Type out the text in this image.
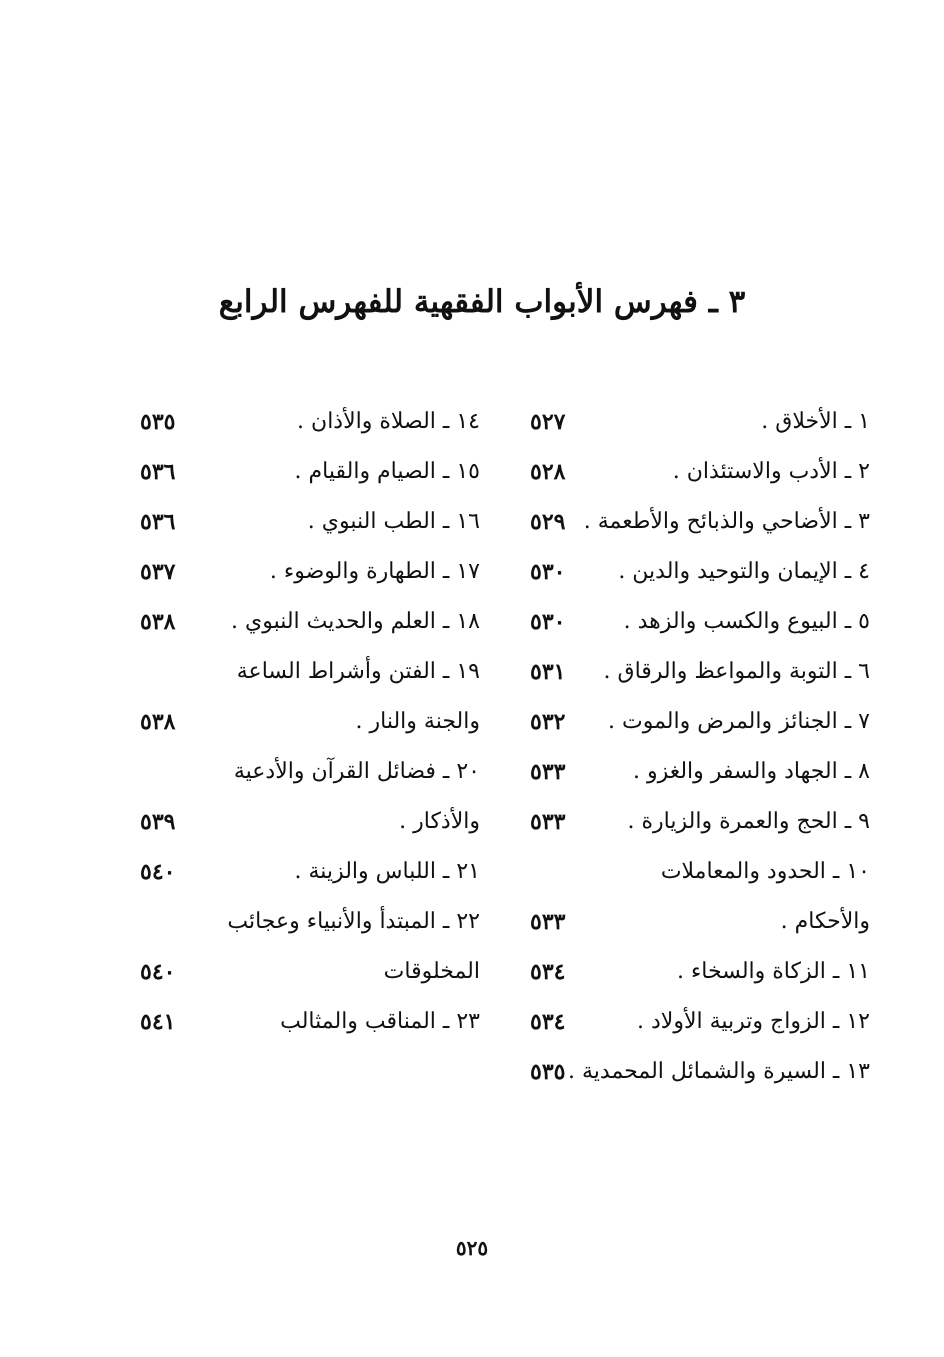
٣ ـ فهرس الأبواب الفقهية للفهرس الرابع
١ ـ الأخلاق .
٥٢٧
٢ ـ الأدب والاستئذان .
٥٢٨
٣ ـ الأضاحي والذبائح والأطعمة .
٥٢٩
٤ ـ الإيمان والتوحيد والدين .
٥٣٠
٥ ـ البيوع والكسب والزهد .
٥٣٠
٦ ـ التوبة والمواعظ والرقاق .
٥٣١
٧ ـ الجنائز والمرض والموت .
٥٣٢
٨ ـ الجهاد والسفر والغزو .
٥٣٣
٩ ـ الحج والعمرة والزيارة .
٥٣٣
١٠ ـ الحدود والمعاملات
والأحكام .
٥٣٣
١١ ـ الزكاة والسخاء .
٥٣٤
١٢ ـ الزواج وتربية الأولاد .
٥٣٤
١٣ ـ السيرة والشمائل المحمدية .
٥٣٥
١٤ ـ الصلاة والأذان .
٥٣٥
١٥ ـ الصيام والقيام .
٥٣٦
١٦ ـ الطب النبوي .
٥٣٦
١٧ ـ الطهارة والوضوء .
٥٣٧
١٨ ـ العلم والحديث النبوي .
٥٣٨
١٩ ـ الفتن وأشراط الساعة
والجنة والنار .
٥٣٨
٢٠ ـ فضائل القرآن والأدعية
والأذكار .
٥٣٩
٢١ ـ اللباس والزينة .
٥٤٠
٢٢ ـ المبتدأ والأنبياء وعجائب
المخلوقات
٥٤٠
٢٣ ـ المناقب والمثالب
٥٤١
٥٢٥
